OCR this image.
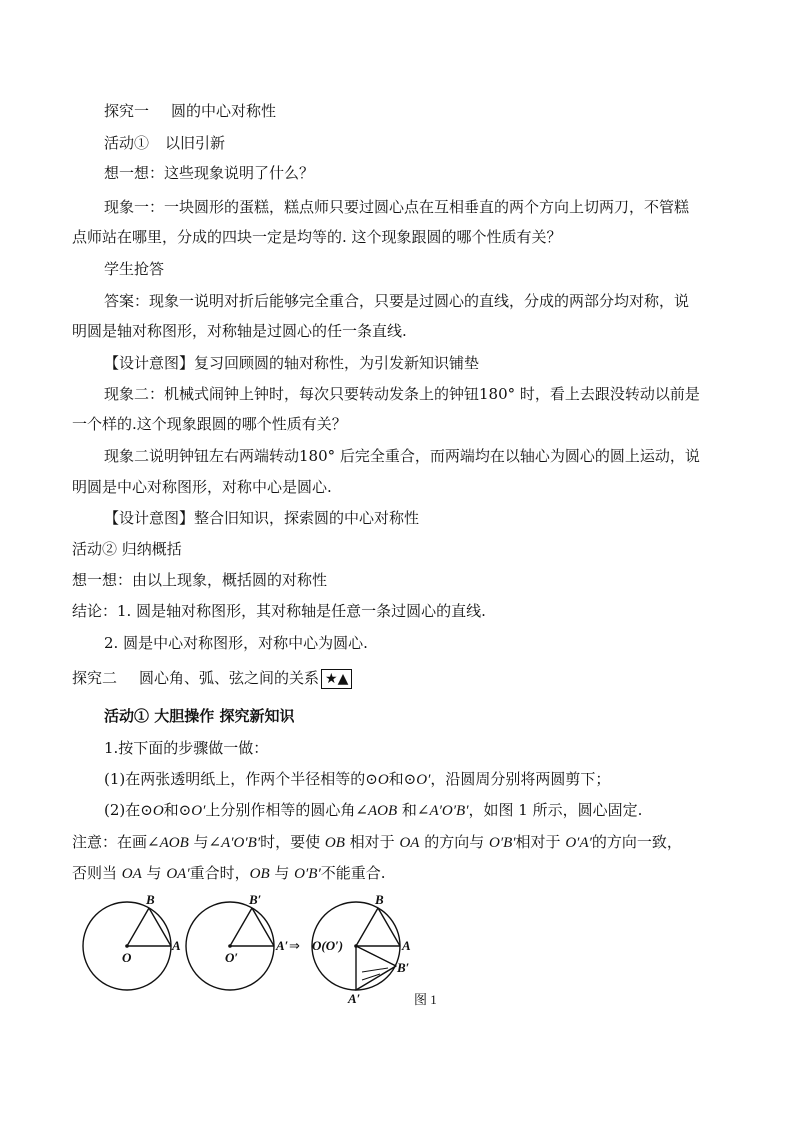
探究一 圆的中心对称性
活动① 以旧引新
想一想：这些现象说明了什么？
现象一：一块圆形的蛋糕，糕点师只要过圆心点在互相垂直的两个方向上切两刀，不管糕
点师站在哪里，分成的四块一定是均等的. 这个现象跟圆的哪个性质有关？
学生抢答
答案：现象一说明对折后能够完全重合，只要是过圆心的直线，分成的两部分均对称，说
明圆是轴对称图形，对称轴是过圆心的任一条直线.
【设计意图】复习回顾圆的轴对称性，为引发新知识铺垫
现象二：机械式闹钟上钟时，每次只要转动发条上的钟钮180° 时，看上去跟没转动以前是
一个样的.这个现象跟圆的哪个性质有关？
现象二说明钟钮左右两端转动180° 后完全重合，而两端均在以轴心为圆心的圆上运动，说
明圆是中心对称图形，对称中心是圆心.
【设计意图】整合旧知识，探索圆的中心对称性
活动② 归纳概括
想一想：由以上现象，概括圆的对称性
结论：1. 圆是轴对称图形，其对称轴是任意一条过圆心的直线.
2. 圆是中心对称图形，对称中心为圆心.
探究二 圆心角、弧、弦之间的关系 ★▲
活动① 大胆操作 探究新知识
1.按下面的步骤做一做：
(1)在两张透明纸上，作两个半径相等的⊙O和⊙O′，沿圆周分别将两圆剪下；
(2)在⊙O和⊙O′上分别作相等的圆心角∠AOB 和∠A′O′B′，如图 1 所示，圆心固定.
注意：在画∠AOB 与∠A′O′B′时，要使 OB 相对于 OA 的方向与 O′B′相对于 O′A′的方向一致，
否则当 OA 与 OA′重合时，OB 与 O′B′不能重合.
O
A
B
O′
A′
B′
⇒ O(O′)	A
B
B′
A′	图 1
